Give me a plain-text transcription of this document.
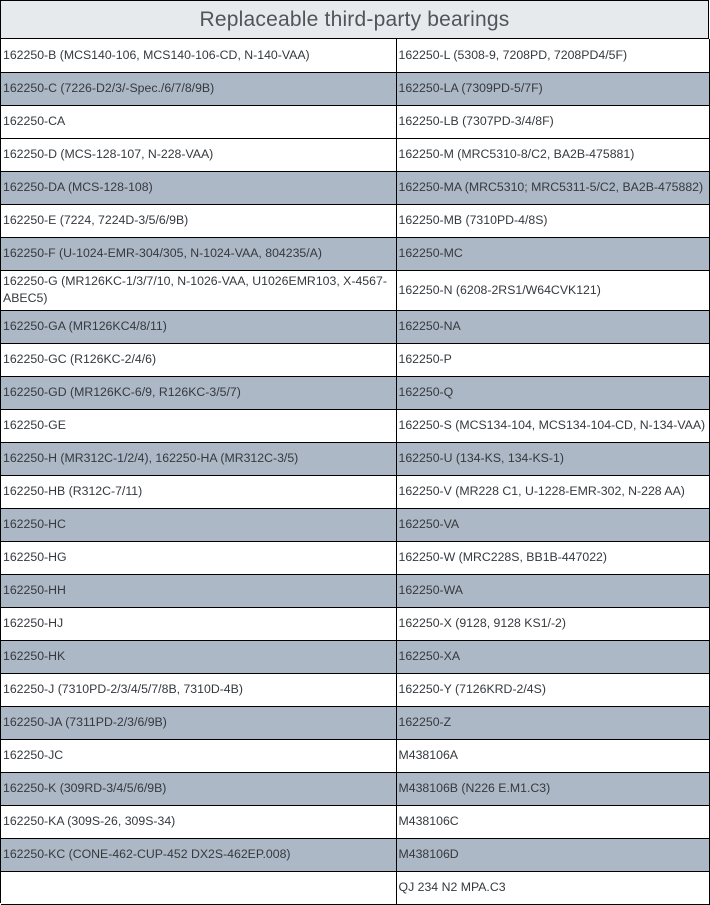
Replaceable third-party bearings
162250-B (MCS140-106, MCS140-106-CD, N-140-VAA)	162250-L (5308-9, 7208PD, 7208PD4/5F)
162250-C (7226-D2/3/-Spec./6/7/8/9B)	162250-LA (7309PD-5/7F)
162250-CA	162250-LB (7307PD-3/4/8F)
162250-D (MCS-128-107, N-228-VAA)	162250-M (MRC5310-8/C2, BA2B-475881)
162250-DA (MCS-128-108)	162250-MA (MRC5310; MRC5311-5/C2, BA2B-475882)
162250-E (7224, 7224D-3/5/6/9B)	162250-MB (7310PD-4/8S)
162250-F (U-1024-EMR-304/305, N-1024-VAA, 804235/A)	162250-MC
162250-G (MR126KC-1/3/7/10, N-1026-VAA, U1026EMR103, X-4567-ABEC5)	162250-N (6208-2RS1/W64CVK121)
162250-GA (MR126KC4/8/11)	162250-NA
162250-GC (R126KC-2/4/6)	162250-P
162250-GD (MR126KC-6/9, R126KC-3/5/7)	162250-Q
162250-GE	162250-S (MCS134-104, MCS134-104-CD, N-134-VAA)
162250-H (MR312C-1/2/4), 162250-HA (MR312C-3/5)	162250-U (134-KS, 134-KS-1)
162250-HB (R312C-7/11)	162250-V (MR228 C1, U-1228-EMR-302, N-228 AA)
162250-HC	162250-VA
162250-HG	162250-W (MRC228S, BB1B-447022)
162250-HH	162250-WA
162250-HJ	162250-X (9128, 9128 KS1/-2)
162250-HK	162250-XA
162250-J (7310PD-2/3/4/5/7/8B, 7310D-4B)	162250-Y (7126KRD-2/4S)
162250-JA (7311PD-2/3/6/9B)	162250-Z
162250-JC	M438106A
162250-K (309RD-3/4/5/6/9B)	M438106B (N226 E.M1.C3)
162250-KA (309S-26, 309S-34)	M438106C
162250-KC (CONE-462-CUP-452 DX2S-462EP.008)	M438106D
	QJ 234 N2 MPA.C3
